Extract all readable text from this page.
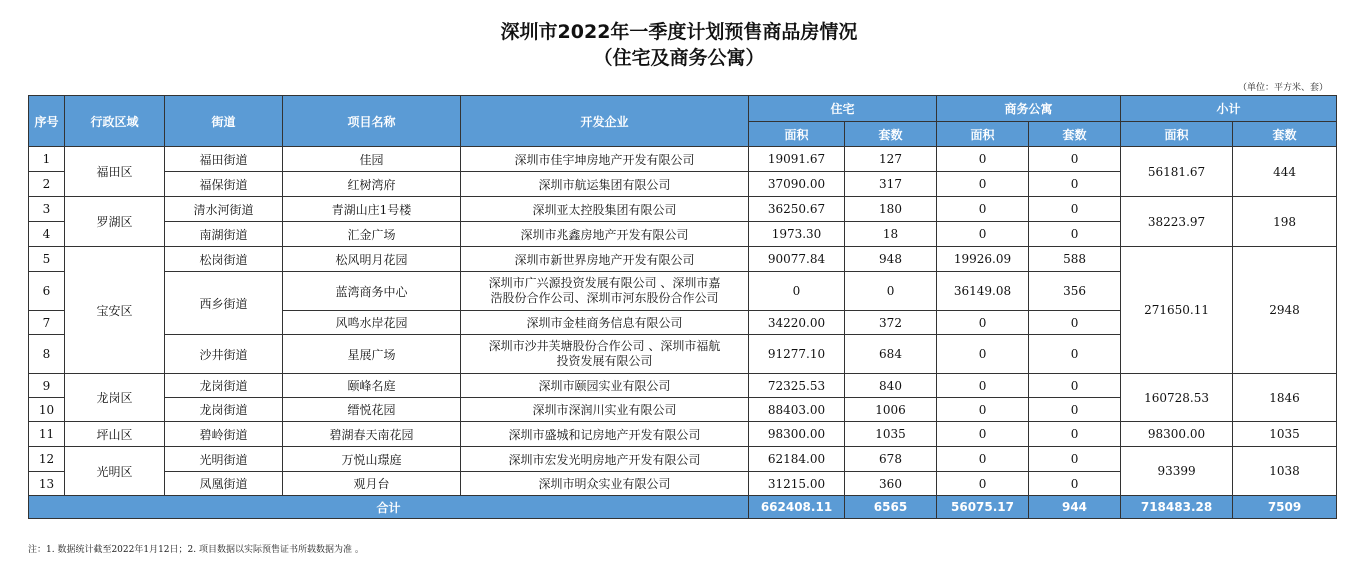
深圳市2022年一季度计划预售商品房情况
（住宅及商务公寓）
（单位：平方米、套）
序号	行政区域	街道	项目名称	开发企业	住宅		商务公寓		小计	
					面积	套数	面积	套数	面积	套数
1	福田区	福田街道	佳园	深圳市佳宇坤房地产开发有限公司	19091.67	127	0	0	56181.67	444
2		福保街道	红树湾府	深圳市航运集团有限公司	37090.00	317	0	0		
3	罗湖区	清水河街道	青湖山庄1号楼	深圳亚太控股集团有限公司	36250.67	180	0	0	38223.97	198
4		南湖街道	汇金广场	深圳市兆鑫房地产开发有限公司	1973.30	18	0	0		
5	宝安区	松岗街道	松风明月花园	深圳市新世界房地产开发有限公司	90077.84	948	19926.09	588	271650.11	2948
6		西乡街道	蓝湾商务中心	深圳市广兴源投资发展有限公司 、深圳市嘉
浩股份合作公司、深圳市河东股份合作公司	0	0	36149.08	356		
7			风鸣水岸花园	深圳市金桂商务信息有限公司	34220.00	372	0	0		
8		沙井街道	星展广场	深圳市沙井芙塘股份合作公司 、深圳市福航
投资发展有限公司	91277.10	684	0	0		
9	龙岗区	龙岗街道	颐峰名庭	深圳市颐园实业有限公司	72325.53	840	0	0	160728.53	1846
10		龙岗街道	缙悦花园	深圳市深润川实业有限公司	88403.00	1006	0	0		
11	坪山区	碧岭街道	碧湖春天南花园	深圳市盛城和记房地产开发有限公司	98300.00	1035	0	0	98300.00	1035
12	光明区	光明街道	万悦山璟庭	深圳市宏发光明房地产开发有限公司	62184.00	678	0	0	93399	1038
13		凤凰街道	观月台	深圳市明众实业有限公司	31215.00	360	0	0		
合计					662408.11	6565	56075.17	944	718483.28	7509
注：1. 数据统计截至2022年1月12日；2. 项目数据以实际预售证书所载数据为准 。
